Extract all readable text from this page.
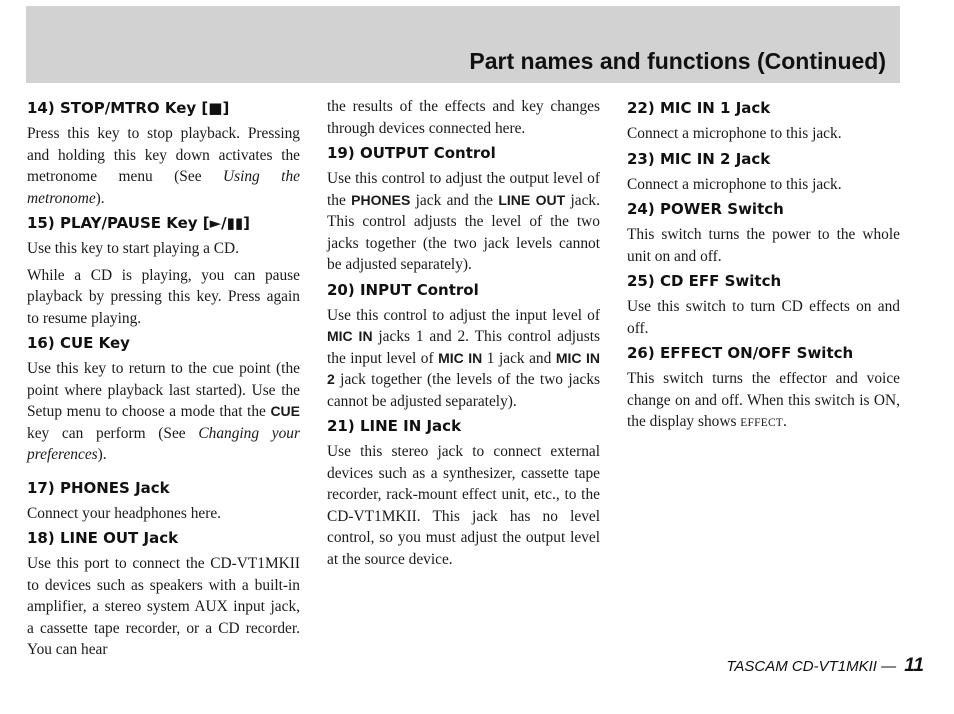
Part names and functions (Continued)
14) STOP/MTRO Key [■]

Press this key to stop playback. Pressing and holding this key down activates the metronome menu (See Using the metronome).

15) PLAY/PAUSE Key [►/▮▮]

Use this key to start playing a CD.

While a CD is playing, you can pause playback by pressing this key. Press again to resume playing.

16) CUE Key

Use this key to return to the cue point (the point where playback last started). Use the Setup menu to choose a mode that the CUE key can perform (See Changing your preferences).

17) PHONES Jack

Connect your headphones here.

18) LINE OUT Jack

Use this port to connect the CD-VT1MKII to devices such as speakers with a built-in amplifier, a stereo system AUX input jack, a cassette tape recorder, or a CD recorder. You can hear

the results of the effects and key changes through devices connected here.

19) OUTPUT Control

Use this control to adjust the output level of the PHONES jack and the LINE OUT jack. This control adjusts the level of the two jacks together (the two jack levels cannot be adjusted separately).

20) INPUT Control

Use this control to adjust the input level of MIC IN jacks 1 and 2. This control adjusts the input level of MIC IN 1 jack and MIC IN 2 jack together (the levels of the two jacks cannot be adjusted separately).

21) LINE IN Jack

Use this stereo jack to connect external devices such as a synthesizer, cassette tape recorder, rack-mount effect unit, etc., to the CD-VT1MKII. This jack has no level control, so you must adjust the output level at the source device.

22) MIC IN 1 Jack

Connect a microphone to this jack.

23) MIC IN 2 Jack

Connect a microphone to this jack.

24) POWER Switch

This switch turns the power to the whole unit on and off.

25) CD EFF Switch

Use this switch to turn CD effects on and off.

26) EFFECT ON/OFF Switch

This switch turns the effector and voice change on and off. When this switch is ON, the display shows EFFECT.

TASCAM CD-VT1MKII — 11
